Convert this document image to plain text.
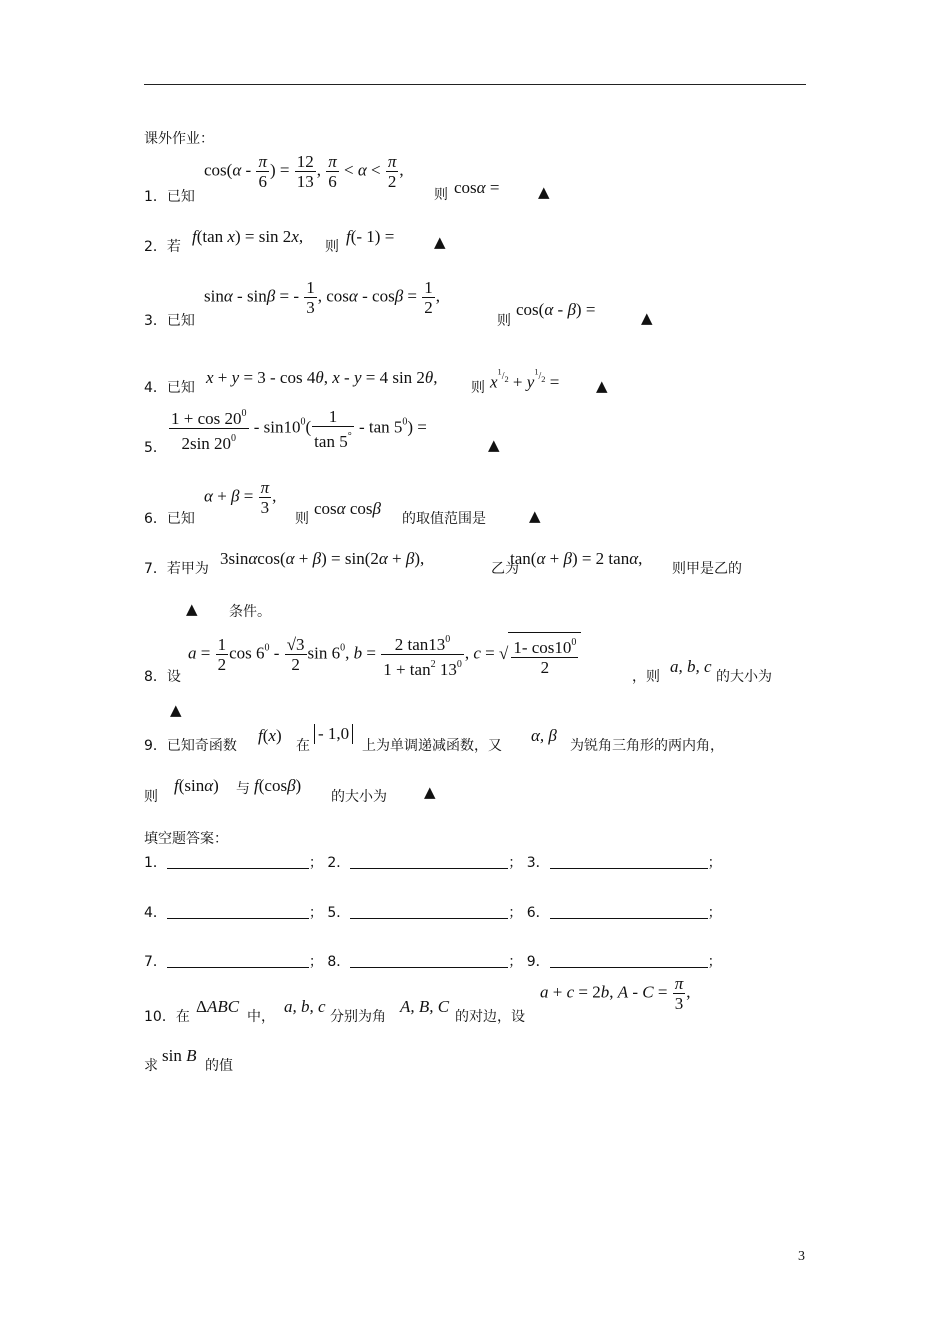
课外作业：
1．已知
$\cos(\alpha - \frac{\pi}{6}$ ) = $\frac{12}{13}$ , $\frac{\pi}{6} < \alpha < \frac{\pi}{2}$ ,
则 cosα =	▲
2．若
f(tan x) = sin 2x,
则
f(- 1) =	▲
3．已知
sinα - sinβ = - $\frac{1}{3}$ , $\cos\alpha - \cos\beta = \frac{1}{2}$ ,
则
cos(α - β) =	▲
4．已知
x + y = 3 - cos 4θ, x - y = 4 sin 2θ,
则 $x^{^1/_2} + y^{^1/_2}$ = ▲
5． $\frac{1 + \cos 20^0}{2\sin 20^0} - \sin 10^0( \frac{1}{\tan 5^\circ}$ - $\tan 5^0$) =
▲
6．已知
$\alpha + \beta = \frac{\pi}{3}$ ,
则
cosα cosβ
的取值范围是	▲
7．若甲为
3sinαcos(α + β) = sin(2α + β),
乙为
tan(α + β) = 2 tanα,
则甲是乙的
▲ 条件。
8．设
$a = \frac{1}{2}$ $\cos 6^0 - \frac{√3}{2}$ $\sin 6^0$, $b = \frac{2 \tan 13^0}{1 + \tan^2 13^0}$ , c = √ $\frac{1- \cos 10^0}{2}$	，则
a, b, c
的大小为
▲
9．已知奇函数
f(x)
在
- 1,0
上为单调递减函数，又
α, β
为锐角三角形的两内角，
则
f(sinα) 与 f(cosβ)
的大小为 ▲
填空题答案：
1．	； 2．	； 3．	；
4．	； 5．	； 6．	；
7．	； 8．	； 9．	；
10．在
ΔABC
中，
a, b, c
分别为角
A, B, C
的对边，设
a + c = 2b, $A - C = \frac{\pi}{3}$ ,
求
sin B
的值
3
